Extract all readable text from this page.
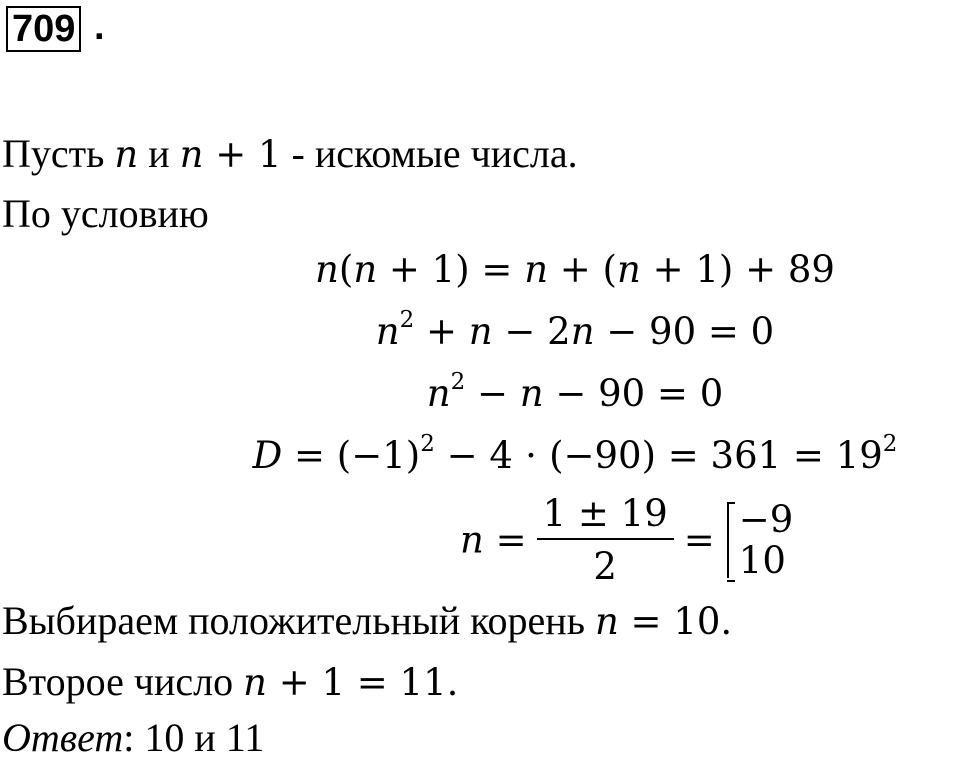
709 .
Пусть n и n + 1 - искомые числа.
По условию
n(n + 1) = n + (n + 1) + 89
$n^2 + n - 2n - 90 = 0$
$n^2 - n - 90 = 0$
$D = (-1)^2 - 4 \cdot (-90) = 361 = 19^2$
$n = \frac{1 \pm 19}{2} = -9$
10
Выбираем положительный корень n = 10.
Второе число n + 1 = 11.
Ответ: 10 и 11
